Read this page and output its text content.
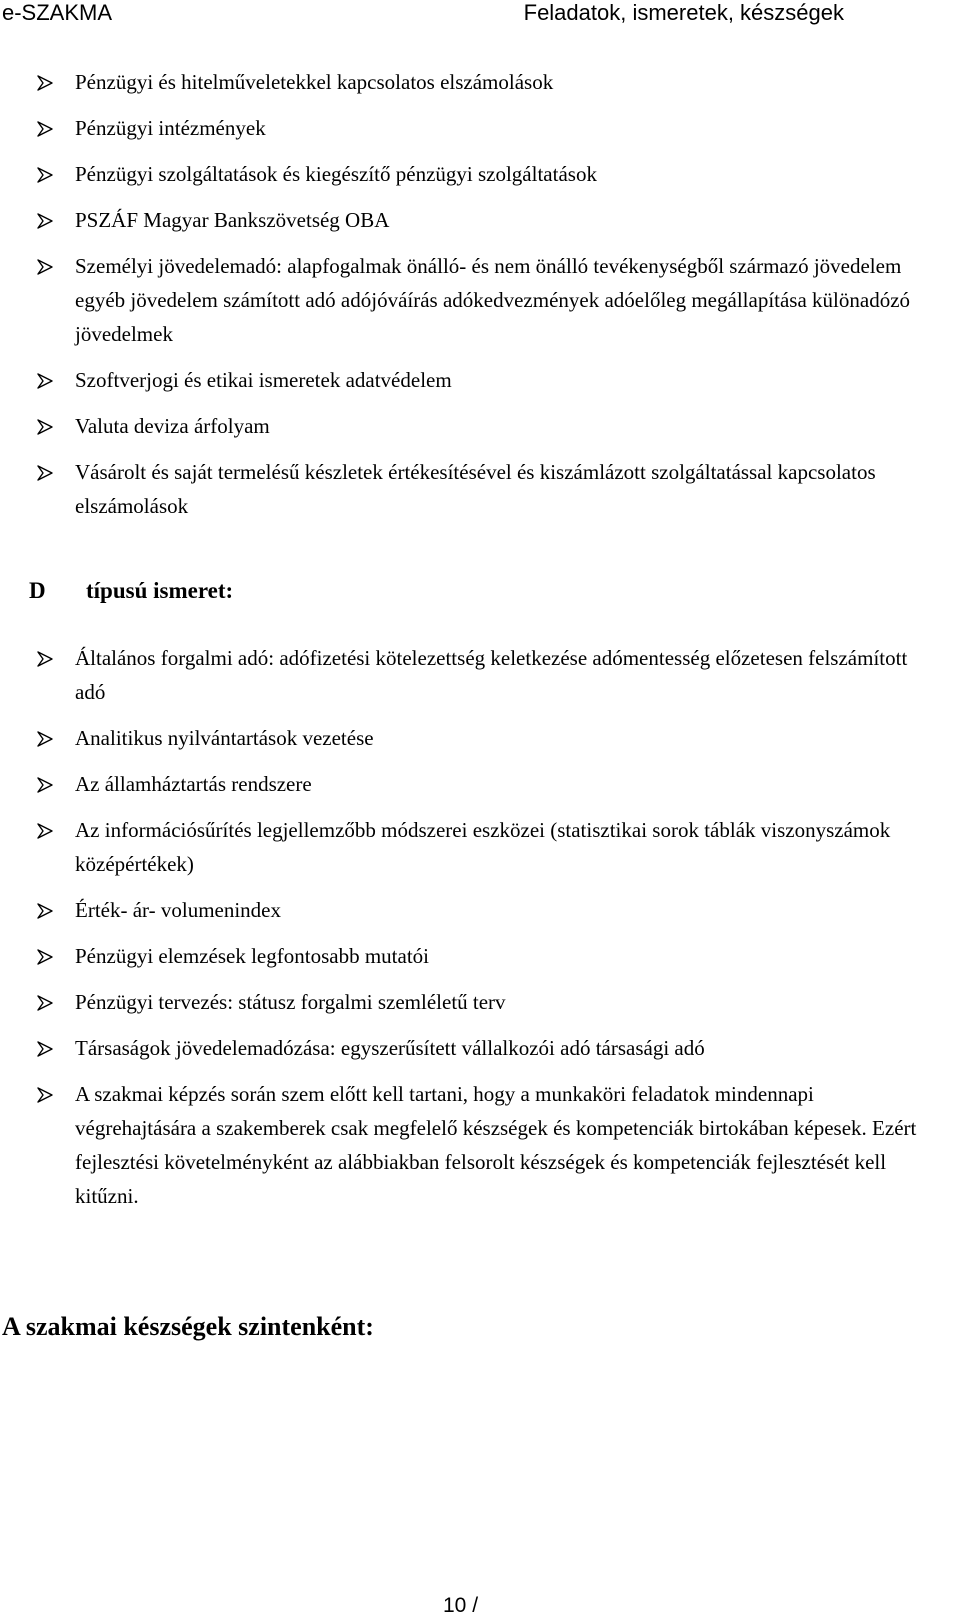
e-SZAKMA	Feladatok, ismeretek, készségek
Pénzügyi és hitelműveletekkel kapcsolatos elszámolások
Pénzügyi intézmények
Pénzügyi szolgáltatások és kiegészítő pénzügyi szolgáltatások
PSZÁF Magyar Bankszövetség OBA
Személyi jövedelemadó: alapfogalmak önálló- és nem önálló tevékenységből származó jövedelem egyéb jövedelem számított adó adójóváírás adókedvezmények adóelőleg megállapítása különadózó jövedelmek
Szoftverjogi és etikai ismeretek adatvédelem
Valuta deviza árfolyam
Vásárolt és saját termelésű készletek értékesítésével és kiszámlázott szolgáltatással kapcsolatos elszámolások
D típusú ismeret:
Általános forgalmi adó: adófizetési kötelezettség keletkezése adómentesség előzetesen felszámított adó
Analitikus nyilvántartások vezetése
Az államháztartás rendszere
Az információsűrítés legjellemzőbb módszerei eszközei (statisztikai sorok táblák viszonyszámok középértékek)
Érték- ár- volumenindex
Pénzügyi elemzések legfontosabb mutatói
Pénzügyi tervezés: státusz forgalmi szemléletű terv
Társaságok jövedelemadózása: egyszerűsített vállalkozói adó társasági adó
A szakmai képzés során szem előtt kell tartani, hogy a munkaköri feladatok mindennapi végrehajtására a szakemberek csak megfelelő készségek és kompetenciák birtokában képesek. Ezért fejlesztési követelményként az alábbiakban felsorolt készségek és kompetenciák fejlesztését kell kitűzni.
A szakmai készségek szintenként:
10 /
